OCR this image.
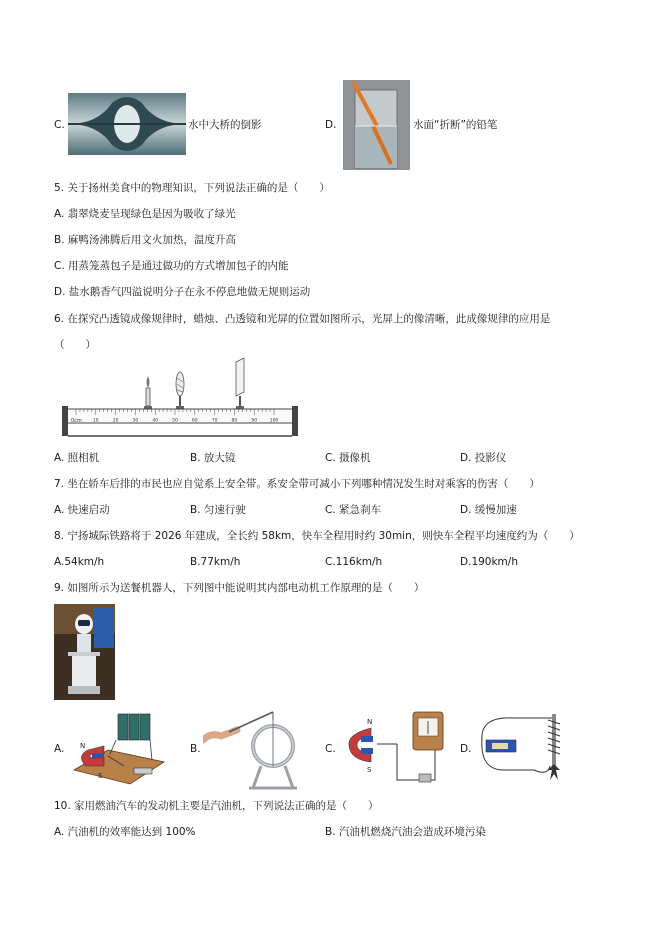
C.	水中大桥的倒影	D.	水面“折断”的铅笔
5. 关于扬州美食中的物理知识，下列说法正确的是（　　）
A. 翡翠烧麦呈现绿色是因为吸收了绿光
B. 麻鸭汤沸腾后用文火加热，温度升高
C. 用蒸笼蒸包子是通过做功的方式增加包子的内能
D. 盐水鹅香气四溢说明分子在永不停息地做无规则运动
6. 在探究凸透镜成像规律时，蜡烛、凸透镜和光屏的位置如图所示，光屏上的像清晰，此成像规律的应用是
（　　）
0cm 10	20	30	40	50	60	70	80	90	100
A. 照相机	B. 放大镜	C. 摄像机	D. 投影仪
7. 坐在轿车后排的市民也应自觉系上安全带。系安全带可减小下列哪种情况发生时对乘客的伤害（　　）
A. 快速启动	B. 匀速行驶	C. 紧急刹车	D. 缓慢加速
8. 宁扬城际铁路将于 2026 年建成，全长约 58km，快车全程用时约 30min，则快车全程平均速度约为（　　）
A.54km/h	B.77km/h	C.116km/h	D.190km/h
9. 如图所示为送餐机器人，下列图中能说明其内部电动机工作原理的是（　　）
A. N
S
B.	C.
N
S
D.
10. 家用燃油汽车的发动机主要是汽油机，下列说法正确的是（　　）
A. 汽油机的效率能达到 100%	B. 汽油机燃烧汽油会造成环境污染
